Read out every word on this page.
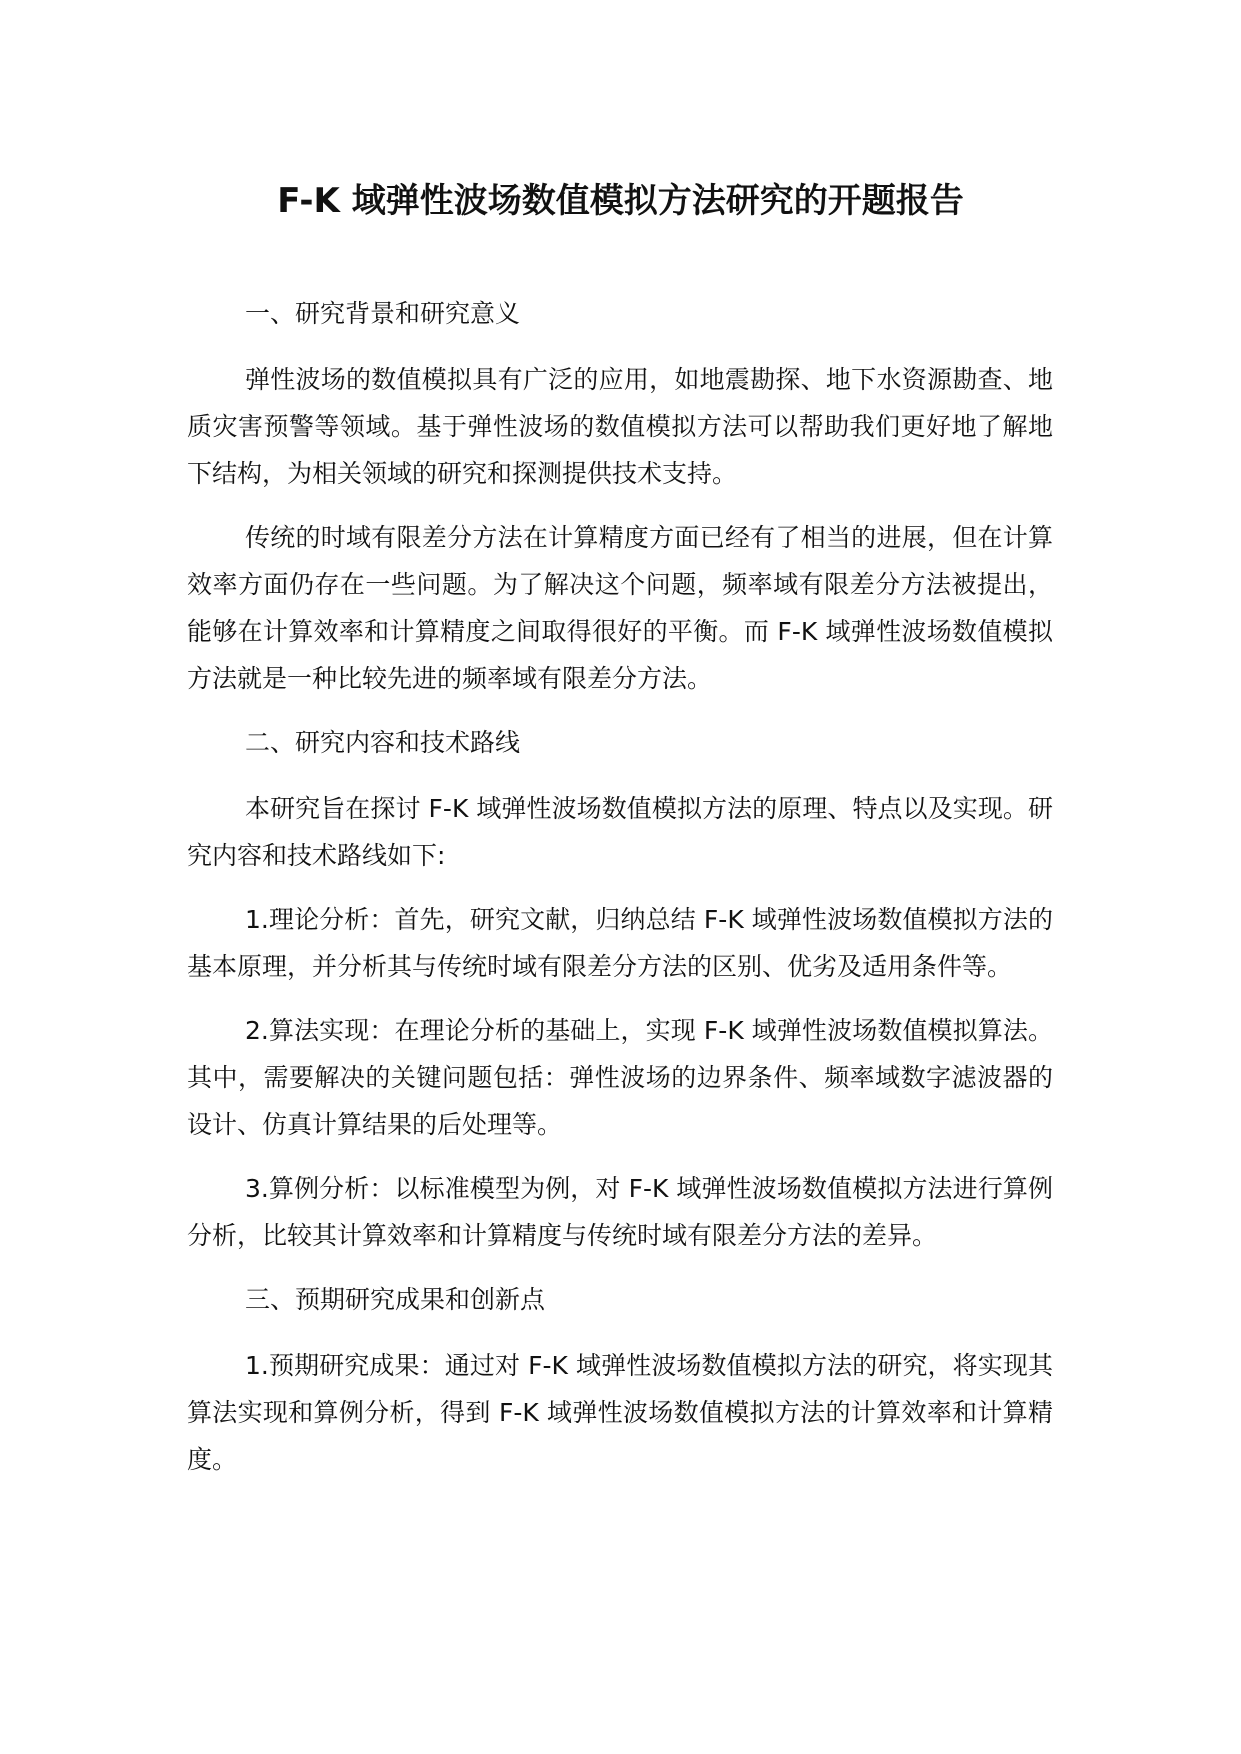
F-K 域弹性波场数值模拟方法研究的开题报告
一、研究背景和研究意义

弹性波场的数值模拟具有广泛的应用，如地震勘探、地下水资源勘查、地质灾害预警等领域。基于弹性波场的数值模拟方法可以帮助我们更好地了解地下结构，为相关领域的研究和探测提供技术支持。

传统的时域有限差分方法在计算精度方面已经有了相当的进展，但在计算效率方面仍存在一些问题。为了解决这个问题，频率域有限差分方法被提出，能够在计算效率和计算精度之间取得很好的平衡。而 F-K 域弹性波场数值模拟方法就是一种比较先进的频率域有限差分方法。

二、研究内容和技术路线

本研究旨在探讨 F-K 域弹性波场数值模拟方法的原理、特点以及实现。研究内容和技术路线如下:

1.理论分析：首先，研究文献，归纳总结 F-K 域弹性波场数值模拟方法的基本原理，并分析其与传统时域有限差分方法的区别、优劣及适用条件等。

2.算法实现：在理论分析的基础上，实现 F-K 域弹性波场数值模拟算法。其中，需要解决的关键问题包括：弹性波场的边界条件、频率域数字滤波器的设计、仿真计算结果的后处理等。

3.算例分析：以标准模型为例，对 F-K 域弹性波场数值模拟方法进行算例分析，比较其计算效率和计算精度与传统时域有限差分方法的差异。

三、预期研究成果和创新点

1.预期研究成果：通过对 F-K 域弹性波场数值模拟方法的研究，将实现其算法实现和算例分析，得到 F-K 域弹性波场数值模拟方法的计算效率和计算精度。
